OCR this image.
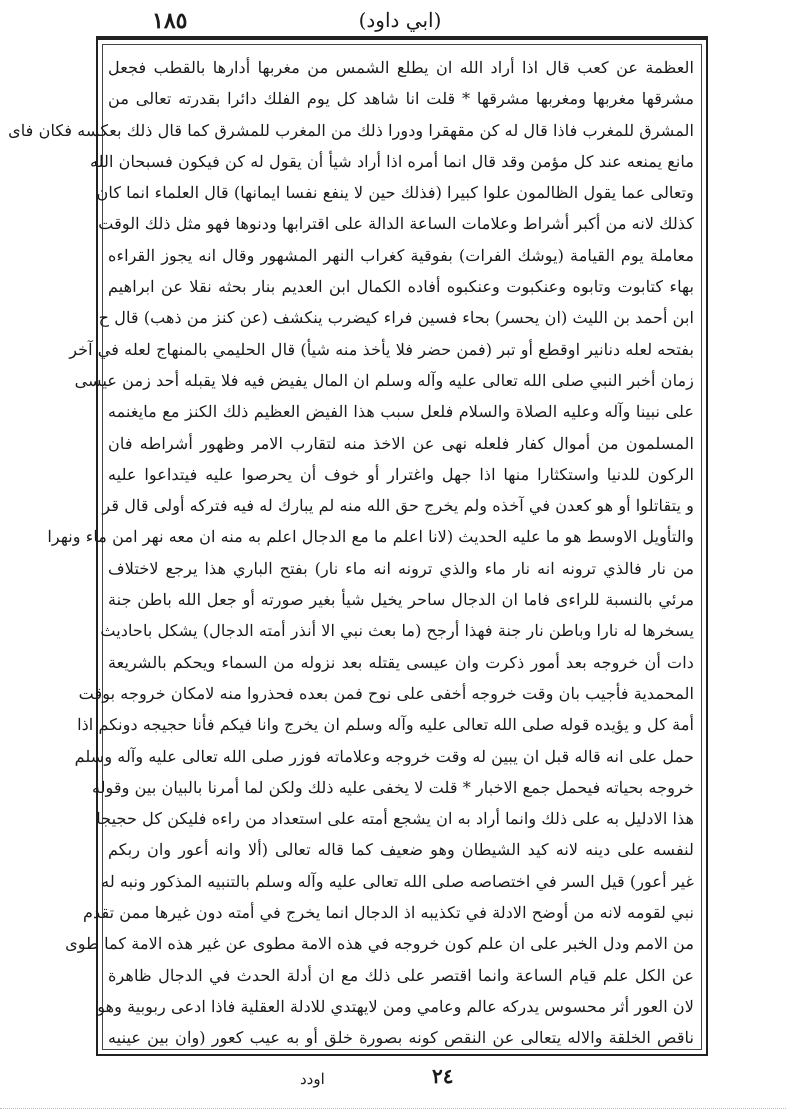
١٨٥	(ابي داود)
العظمة عن كعب قال اذا أراد الله ان يطلع الشمس من مغربها أدارها بالقطب فجعل
مشرقها مغربها ومغربها مشرقها * قلت انا شاهد كل يوم الفلك دائرا بقدرته تعالى من
المشرق للمغرب فاذا قال له كن مقهقرا ودورا ذلك من المغرب للمشرق كما قال ذلك بعكسه فكان فاى
مانع يمنعه عند كل مؤمن وقد قال انما أمره اذا أراد شيأ أن يقول له كن فيكون فسبحان الله
وتعالى عما يقول الظالمون علوا كبيرا (فذلك حين لا ينفع نفسا ايمانها) قال العلماء انما كان
كذلك لانه من أكبر أشراط وعلامات الساعة الدالة على اقترابها ودنوها فهو مثل ذلك الوقت
معاملة يوم القيامة (يوشك الفرات) بفوقية كغراب النهر المشهور وقال انه يجوز القراءه
بهاء كتابوت وتابوه وعنكبوت وعنكبوه أفاده الكمال ابن العديم بنار بحثه نقلا عن ابراهيم
ابن أحمد بن الليث (ان يحسر) بحاء فسين فراء كيضرب ينكشف (عن كنز من ذهب) قال ح
بفتحه لعله دنانير اوقطع أو تبر (فمن حضر فلا يأخذ منه شيأ) قال الحليمي بالمنهاج لعله في آخر
زمان أخبر النبي صلى الله تعالى عليه وآله وسلم ان المال يفيض فيه فلا يقبله أحد زمن عيسى
على نبينا وآله وعليه الصلاة والسلام فلعل سبب هذا الفيض العظيم ذلك الكنز مع مايغنمه
المسلمون من أموال كفار فلعله نهى عن الاخذ منه لتقارب الامر وظهور أشراطه فان
الركون للدنيا واستكثارا منها اذا جهل واغترار أو خوف أن يحرصوا عليه فيتداعوا عليه
و يتقاتلوا أو هو كعدن في آخذه ولم يخرج حق الله منه لم يبارك له فيه فتركه أولى قال قر
والتأويل الاوسط هو ما عليه الحديث (لانا اعلم ما مع الدجال اعلم به منه ان معه نهر امن ماء ونهرا
من نار فالذي ترونه انه نار ماء والذي ترونه انه ماء نار) بفتح الباري هذا يرجع لاختلاف
مرئي بالنسبة للراءى فاما ان الدجال ساحر يخيل شيأ بغير صورته أو جعل الله باطن جنة
يسخرها له نارا وباطن نار جنة فهذا أرجح (ما بعث نبي الا أنذر أمته الدجال) يشكل باحاديث
دات أن خروجه بعد أمور ذكرت وان عيسى يقتله بعد نزوله من السماء ويحكم بالشريعة
المحمدية فأجيب بان وقت خروجه أخفى على نوح فمن بعده فحذروا منه لامكان خروجه بوقت
أمة كل و يؤيده قوله صلى الله تعالى عليه وآله وسلم ان يخرج وانا فيكم فأنا حجيجه دونكم اذا
حمل على انه قاله قبل ان يبين له وقت خروجه وعلاماته فوزر صلى الله تعالى عليه وآله وسلم
خروجه بحياته فيحمل جمع الاخبار * قلت لا يخفى عليه ذلك ولكن لما أمرنا بالبيان بين وقوله
هذا الادليل به على ذلك وانما أراد به ان يشجع أمته على استعداد من راءه فليكن كل حجيجا
لنفسه على دينه لانه كيد الشيطان وهو ضعيف كما قاله تعالى (ألا وانه أعور وان ربكم
غير أعور) قيل السر في اختصاصه صلى الله تعالى عليه وآله وسلم بالتنبيه المذكور ونبه له
نبي لقومه لانه من أوضح الادلة في تكذيبه اذ الدجال انما يخرج في أمته دون غيرها ممن تقدم
من الامم ودل الخبر على ان علم كون خروجه في هذه الامة مطوى عن غير هذه الامة كما طوى
عن الكل علم قيام الساعة وانما اقتصر على ذلك مع ان أدلة الحدث في الدجال ظاهرة
لان العور أثر محسوس يدركه عالم وعامي ومن لايهتدي للادلة العقلية فاذا ادعى ربوبية وهو
ناقص الخلقة والاله يتعالى عن النقص كونه بصورة خلق أو به عيب كعور (وان بين عينيه
اودد	٢٤
